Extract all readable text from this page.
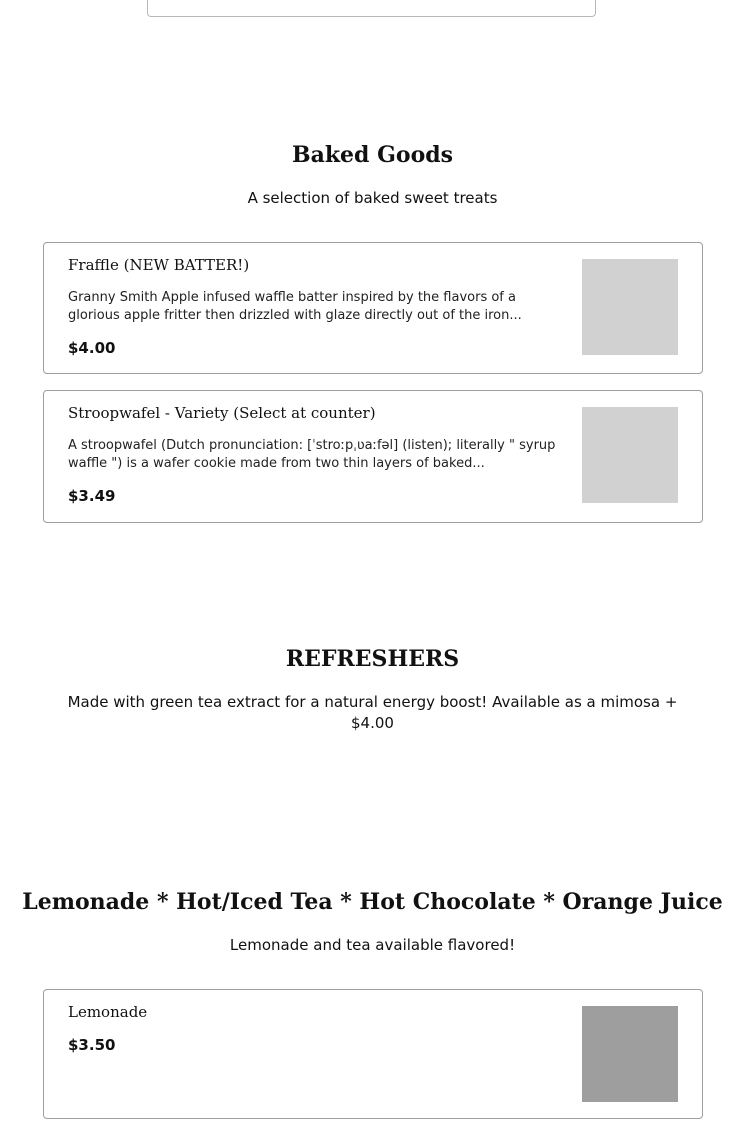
Baked Goods
A selection of baked sweet treats
Fraffle (NEW BATTER!)
Granny Smith Apple infused waffle batter inspired by the flavors of a glorious apple fritter then drizzled with glaze directly out of the iron...
$4.00
Stroopwafel - Variety (Select at counter)
A stroopwafel (Dutch pronunciation: [ˈstroːpˌʋaːfəl] (listen); literally " syrup waffle ") is a wafer cookie made from two thin layers of baked...
$3.49
REFRESHERS
Made with green tea extract for a natural energy boost! Available as a mimosa + $4.00
Lemonade * Hot/Iced Tea * Hot Chocolate * Orange Juice
Lemonade and tea available flavored!
Lemonade
$3.50
